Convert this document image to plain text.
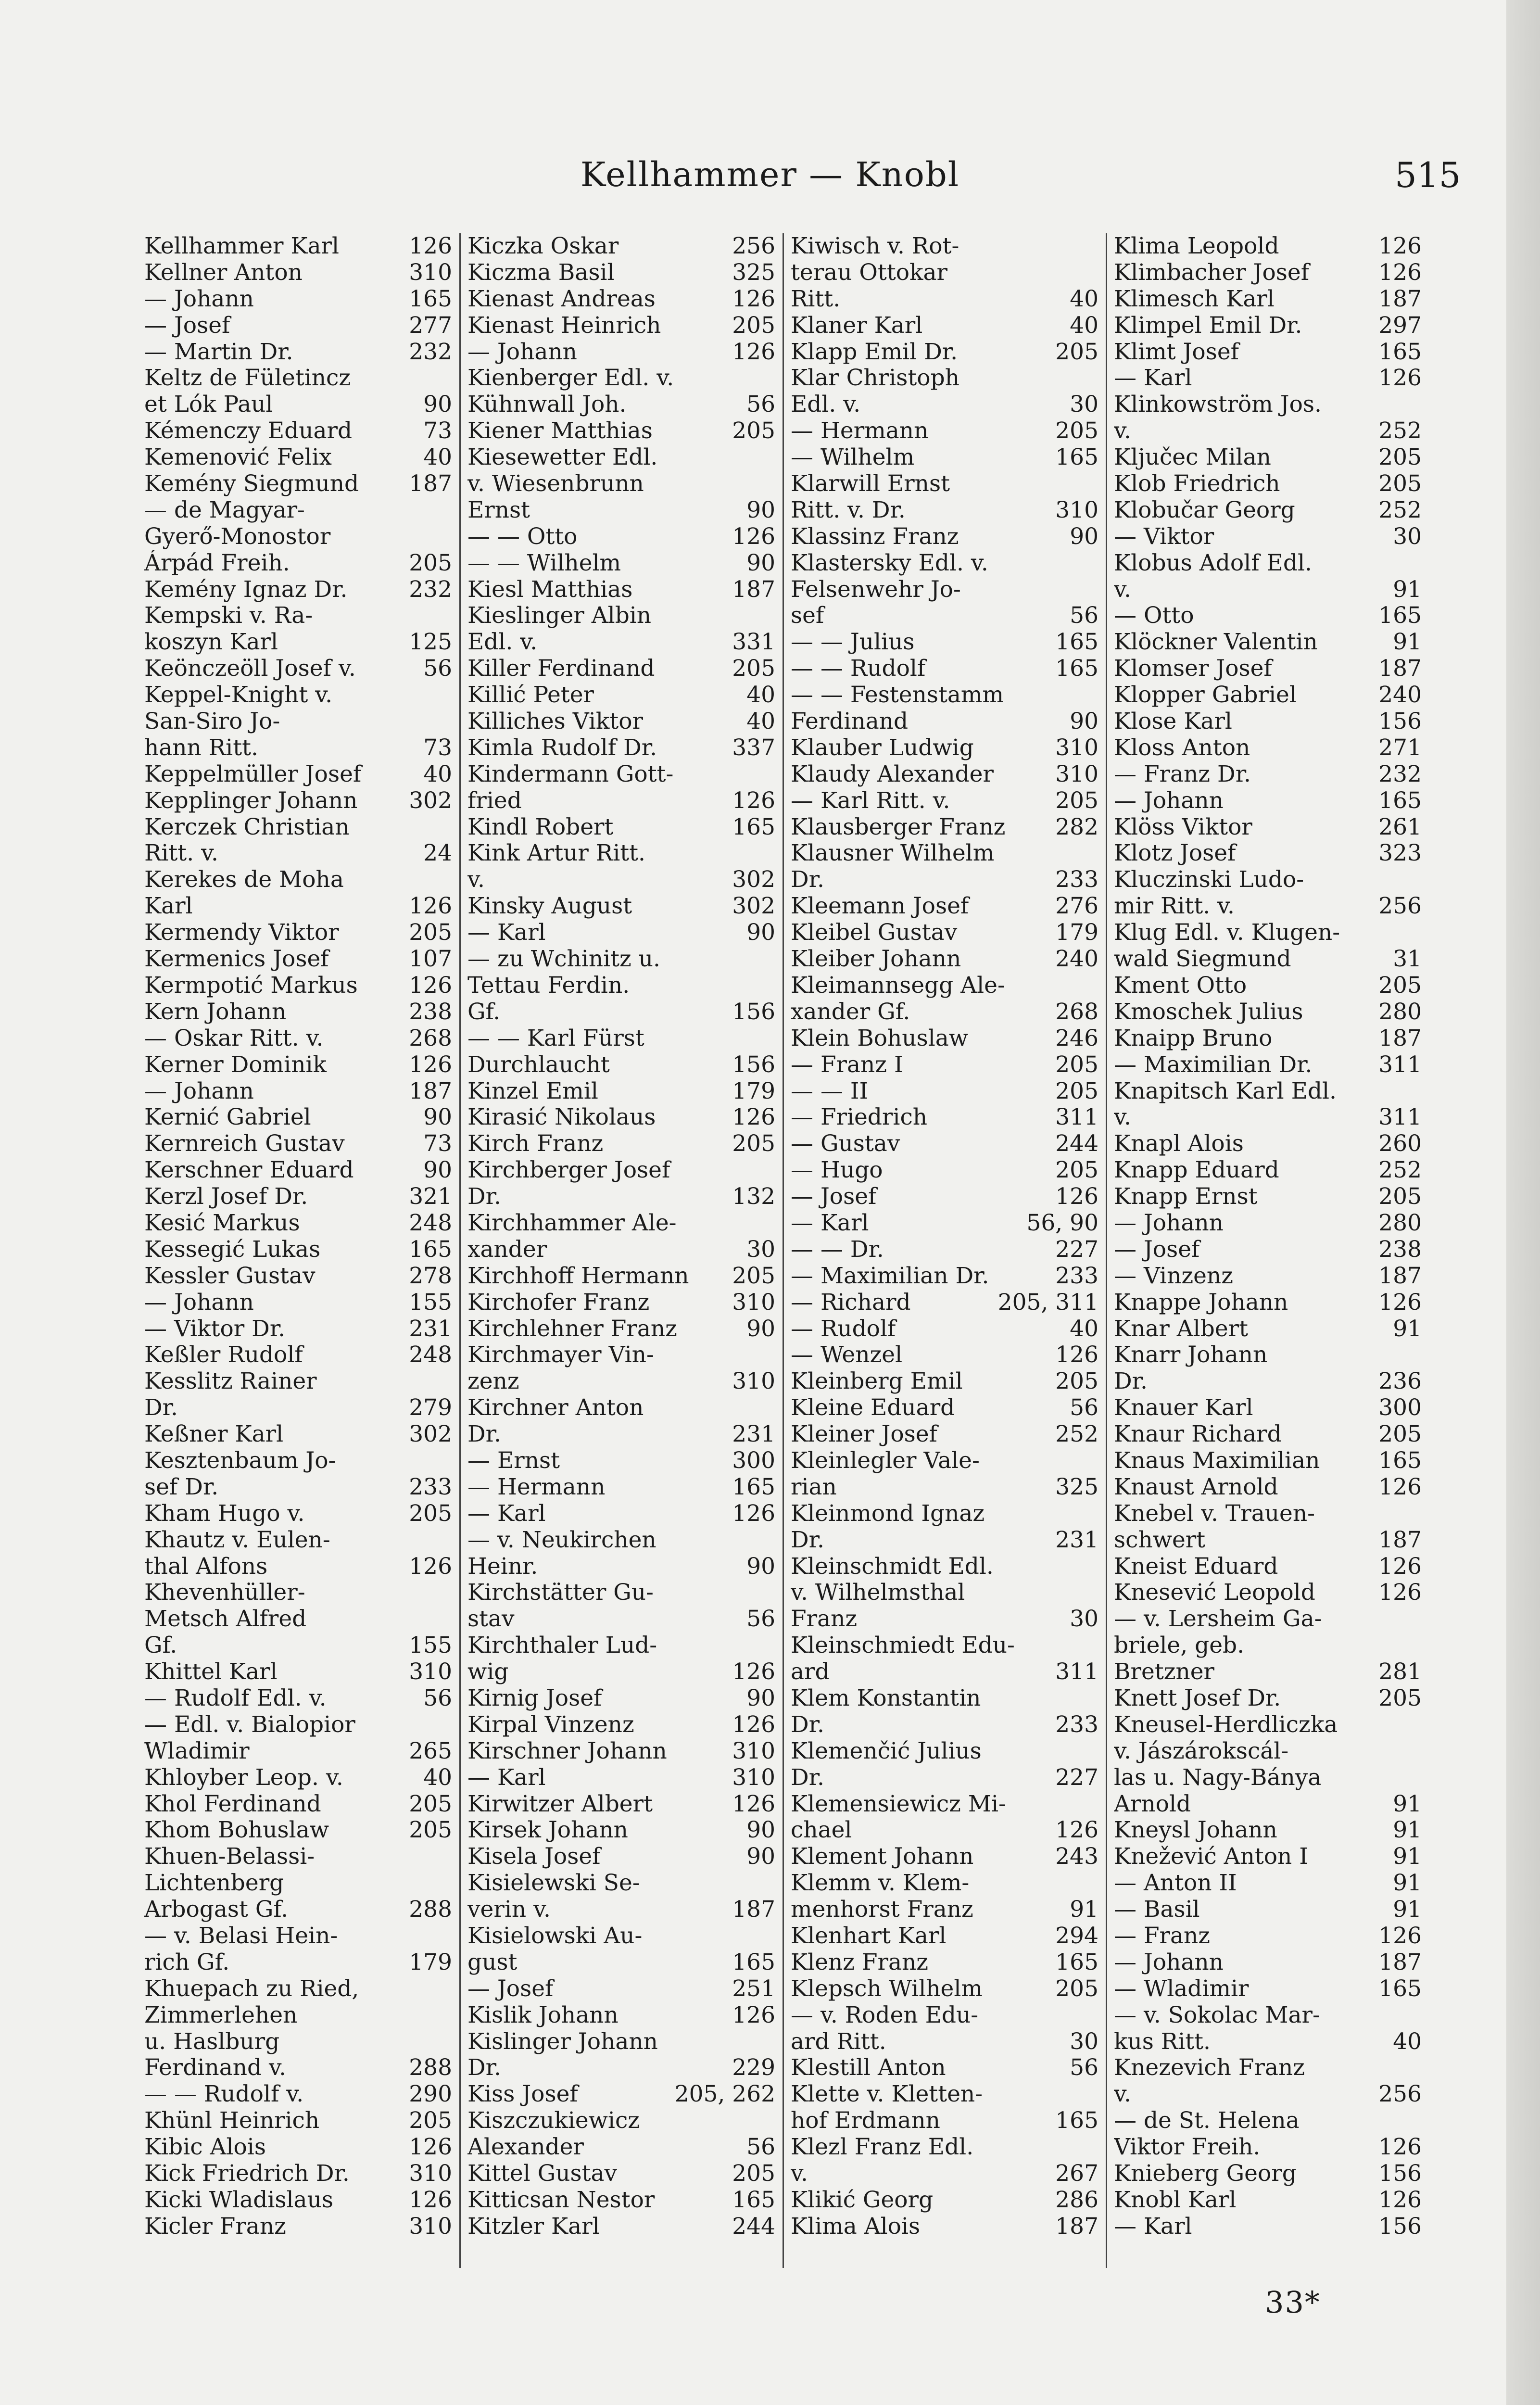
Kellhammer — Knobl	515
Kellhammer Karl	126
Kellner Anton	310
— Johann	165
— Josef	277
— Martin Dr.	232
Keltz de Fületincz
et Lók Paul	90
Kémenczy Eduard	73
Kemenović Felix	40
Kemény Siegmund	187
— de Magyar-
Gyerő-Monostor
Árpád Freih.	205
Kemény Ignaz Dr.	232
Kempski v. Ra-
koszyn Karl	125
Keönczeöll Josef v.	56
Keppel-Knight v.
San-Siro Jo-
hann Ritt.	73
Keppelmüller Josef	40
Kepplinger Johann	302
Kerczek Christian
Ritt. v.	24
Kerekes de Moha
Karl	126
Kermendy Viktor	205
Kermenics Josef	107
Kermpotić Markus	126
Kern Johann	238
— Oskar Ritt. v.	268
Kerner Dominik	126
— Johann	187
Kernić Gabriel	90
Kernreich Gustav	73
Kerschner Eduard	90
Kerzl Josef Dr.	321
Kesić Markus	248
Kessegić Lukas	165
Kessler Gustav	278
— Johann	155
— Viktor Dr.	231
Keßler Rudolf	248
Kesslitz Rainer
Dr.	279
Keßner Karl	302
Kesztenbaum Jo-
sef Dr.	233
Kham Hugo v.	205
Khautz v. Eulen-
thal Alfons	126
Khevenhüller-
Metsch Alfred
Gf.	155
Khittel Karl	310
— Rudolf Edl. v.	56
— Edl. v. Bialopior
Wladimir	265
Khloyber Leop. v.	40
Khol Ferdinand	205
Khom Bohuslaw	205
Khuen-Belassi-
Lichtenberg
Arbogast Gf.	288
— v. Belasi Hein-
rich Gf.	179
Khuepach zu Ried,
Zimmerlehen
u. Haslburg
Ferdinand v.	288
— — Rudolf v.	290
Khünl Heinrich	205
Kibic Alois	126
Kick Friedrich Dr.	310
Kicki Wladislaus	126
Kicler Franz	310
Kiczka Oskar	256
Kiczma Basil	325
Kienast Andreas	126
Kienast Heinrich	205
— Johann	126
Kienberger Edl. v.
Kühnwall Joh.	56
Kiener Matthias	205
Kiesewetter Edl.
v. Wiesenbrunn
Ernst	90
— — Otto	126
— — Wilhelm	90
Kiesl Matthias	187
Kieslinger Albin
Edl. v.	331
Killer Ferdinand	205
Killić Peter	40
Killiches Viktor	40
Kimla Rudolf Dr.	337
Kindermann Gott-
fried	126
Kindl Robert	165
Kink Artur Ritt.
v.	302
Kinsky August	302
— Karl	90
— zu Wchinitz u.
Tettau Ferdin.
Gf.	156
— — Karl Fürst
Durchlaucht	156
Kinzel Emil	179
Kirasić Nikolaus	126
Kirch Franz	205
Kirchberger Josef
Dr.	132
Kirchhammer Ale-
xander	30
Kirchhoff Hermann	205
Kirchofer Franz	310
Kirchlehner Franz	90
Kirchmayer Vin-
zenz	310
Kirchner Anton
Dr.	231
— Ernst	300
— Hermann	165
— Karl	126
— v. Neukirchen
Heinr.	90
Kirchstätter Gu-
stav	56
Kirchthaler Lud-
wig	126
Kirnig Josef	90
Kirpal Vinzenz	126
Kirschner Johann	310
— Karl	310
Kirwitzer Albert	126
Kirsek Johann	90
Kisela Josef	90
Kisielewski Se-
verin v.	187
Kisielowski Au-
gust	165
— Josef	251
Kislik Johann	126
Kislinger Johann
Dr.	229
Kiss Josef	205, 262
Kiszczukiewicz
Alexander	56
Kittel Gustav	205
Kitticsan Nestor	165
Kitzler Karl	244
Kiwisch v. Rot-
terau Ottokar
Ritt.	40
Klaner Karl	40
Klapp Emil Dr.	205
Klar Christoph
Edl. v.	30
— Hermann	205
— Wilhelm	165
Klarwill Ernst
Ritt. v. Dr.	310
Klassinz Franz	90
Klastersky Edl. v.
Felsenwehr Jo-
sef	56
— — Julius	165
— — Rudolf	165
— — Festenstamm
Ferdinand	90
Klauber Ludwig	310
Klaudy Alexander	310
— Karl Ritt. v.	205
Klausberger Franz	282
Klausner Wilhelm
Dr.	233
Kleemann Josef	276
Kleibel Gustav	179
Kleiber Johann	240
Kleimannsegg Ale-
xander Gf.	268
Klein Bohuslaw	246
— Franz I	205
— — II	205
— Friedrich	311
— Gustav	244
— Hugo	205
— Josef	126
— Karl	56, 90
— — Dr.	227
— Maximilian Dr.	233
— Richard	205, 311
— Rudolf	40
— Wenzel	126
Kleinberg Emil	205
Kleine Eduard	56
Kleiner Josef	252
Kleinlegler Vale-
rian	325
Kleinmond Ignaz
Dr.	231
Kleinschmidt Edl.
v. Wilhelmsthal
Franz	30
Kleinschmiedt Edu-
ard	311
Klem Konstantin
Dr.	233
Klemenčić Julius
Dr.	227
Klemensiewicz Mi-
chael	126
Klement Johann	243
Klemm v. Klem-
menhorst Franz	91
Klenhart Karl	294
Klenz Franz	165
Klepsch Wilhelm	205
— v. Roden Edu-
ard Ritt.	30
Klestill Anton	56
Klette v. Kletten-
hof Erdmann	165
Klezl Franz Edl.
v.	267
Klikić Georg	286
Klima Alois	187
Klima Leopold	126
Klimbacher Josef	126
Klimesch Karl	187
Klimpel Emil Dr.	297
Klimt Josef	165
— Karl	126
Klinkowström Jos.
v.	252
Ključec Milan	205
Klob Friedrich	205
Klobučar Georg	252
— Viktor	30
Klobus Adolf Edl.
v.	91
— Otto	165
Klöckner Valentin	91
Klomser Josef	187
Klopper Gabriel	240
Klose Karl	156
Kloss Anton	271
— Franz Dr.	232
— Johann	165
Klöss Viktor	261
Klotz Josef	323
Kluczinski Ludo-
mir Ritt. v.	256
Klug Edl. v. Klugen-
wald Siegmund	31
Kment Otto	205
Kmoschek Julius	280
Knaipp Bruno	187
— Maximilian Dr.	311
Knapitsch Karl Edl.
v.	311
Knapl Alois	260
Knapp Eduard	252
Knapp Ernst	205
— Johann	280
— Josef	238
— Vinzenz	187
Knappe Johann	126
Knar Albert	91
Knarr Johann
Dr.	236
Knauer Karl	300
Knaur Richard	205
Knaus Maximilian	165
Knaust Arnold	126
Knebel v. Trauen-
schwert	187
Kneist Eduard	126
Knesević Leopold	126
— v. Lersheim Ga-
briele, geb.
Bretzner	281
Knett Josef Dr.	205
Kneusel-Herdliczka
v. Jászárokscál-
las u. Nagy-Bánya
Arnold	91
Kneysl Johann	91
Knežević Anton I	91
— Anton II	91
— Basil	91
— Franz	126
— Johann	187
— Wladimir	165
— v. Sokolac Mar-
kus Ritt.	40
Knezevich Franz
v.	256
— de St. Helena
Viktor Freih.	126
Knieberg Georg	156
Knobl Karl	126
— Karl	156
33*
